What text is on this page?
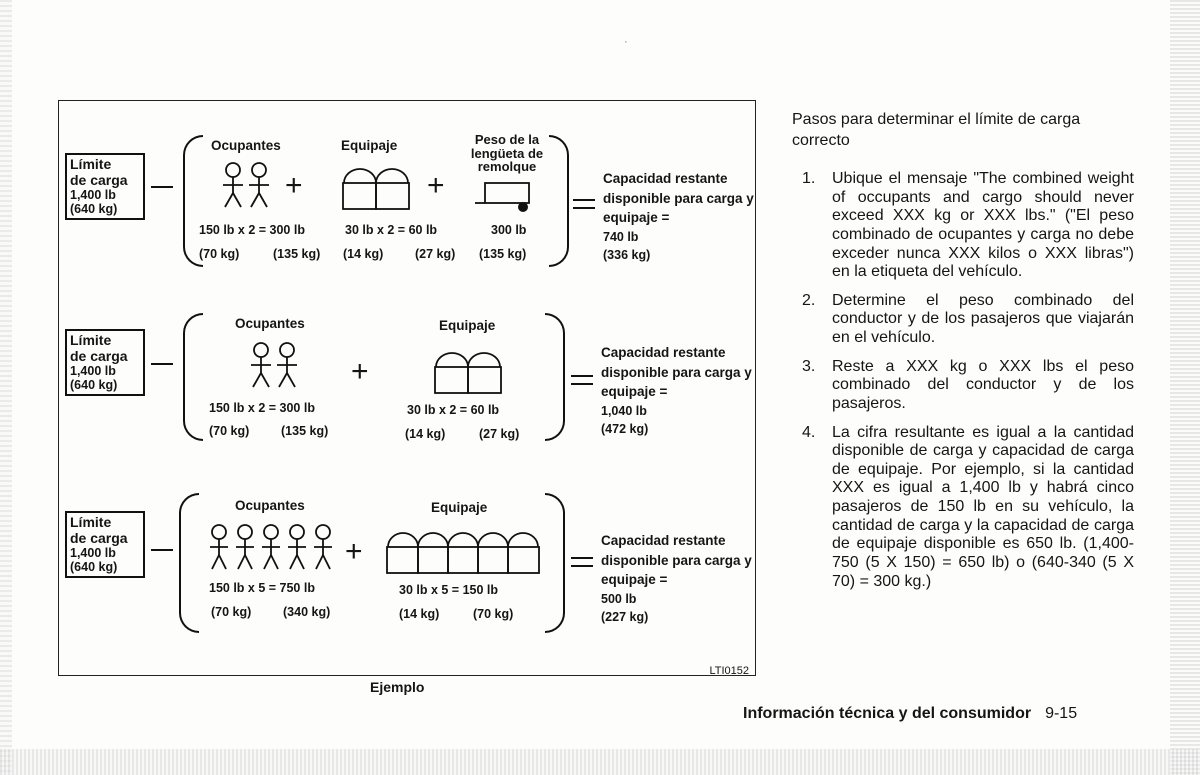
·
Límite
de carga
1,400 lb
(640 kg)
Ocupantes	Equipaje	Peso de la lengüeta de remolque
+	+
150 lb x 2 = 300 lb
(70 kg)	(135 kg)
30 lb x 2 = 60 lb
(14 kg)	(27 kg)
300 lb
(135 kg)
Capacidad restante disponible para carga y equipaje =
740 lb
(336 kg)
Límite
de carga
1,400 lb
(640 kg)
Ocupantes	Equipaje
+
150 lb x 2 = 300 lb
(70 kg)	(135 kg)
30 lb x 2 = 60 lb
(14 kg)	(27 kg)
Capacidad restante disponible para carga y equipaje =
1,040 lb
(472 kg)
Límite
de carga
1,400 lb
(640 kg)
Ocupantes	Equipaje
+
150 lb x 5 = 750 lb
(70 kg)	(340 kg)
30 lb x 5 = 150 lb
(14 kg)	(70 kg)
Capacidad restante disponible para carga y equipaje =
500 lb
(227 kg)
LTI0152
Ejemplo
Pasos para determinar el límite de carga correcto
1. Ubique el mensaje "The combined weight of occupants and cargo should never exceed XXX kg or XXX lbs." ("El peso combinado de ocupantes y carga no debe exceder nunca XXX kilos o XXX libras") en la etiqueta del vehículo.
2. Determine el peso combinado del conductor y de los pasajeros que viajarán en el vehículo.
3. Reste a XXX kg o XXX lbs el peso combinado del conductor y de los pasajeros.
4. La cifra resultante es igual a la cantidad disponible de carga y capacidad de carga de equipaje. Por ejemplo, si la cantidad XXX es igual a 1,400 lb y habrá cinco pasajeros de 150 lb en su vehículo, la cantidad de carga y la capacidad de carga de equipaje disponible es 650 lb. (1,400-750 (5 X 150) = 650 lb) o (640-340 (5 X 70) = 300 kg.)
Información técnica y del consumidor 9-15
